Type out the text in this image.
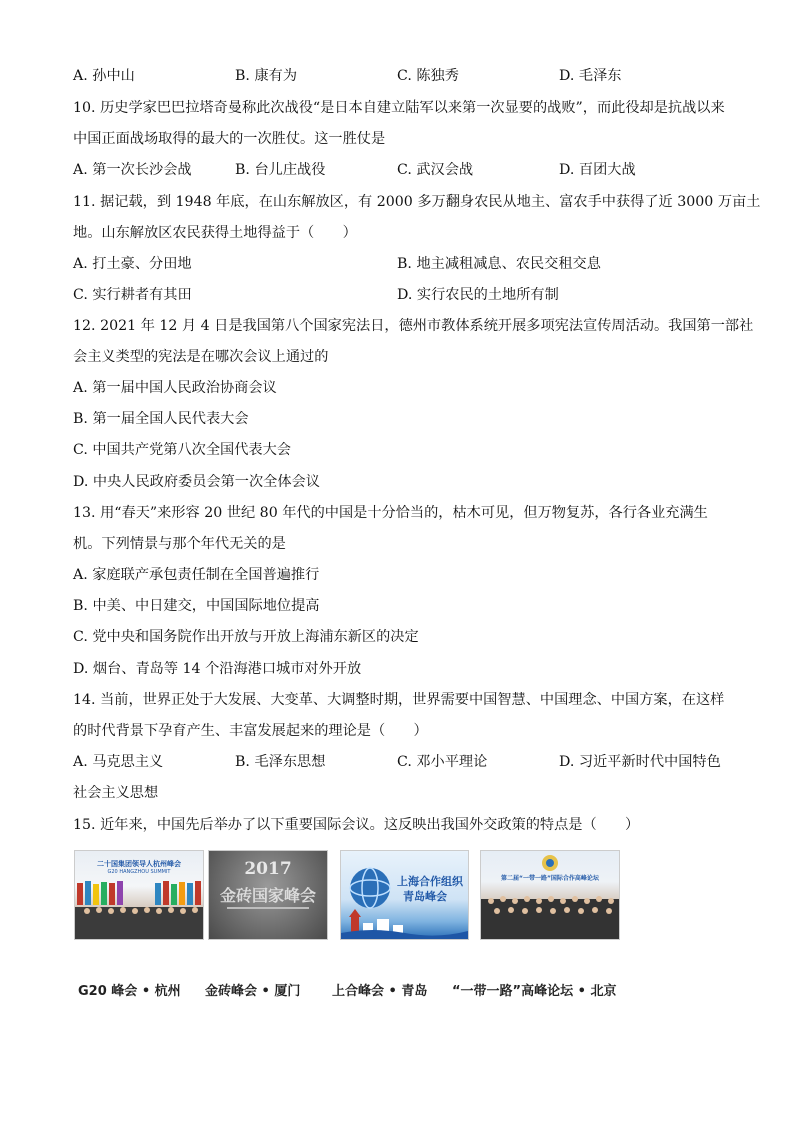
A. 孙中山	B. 康有为	C. 陈独秀	D. 毛泽东
10. 历史学家巴巴拉塔奇曼称此次战役“是日本自建立陆军以来第一次显要的战败”，而此役却是抗战以来
中国正面战场取得的最大的一次胜仗。这一胜仗是
A. 第一次长沙会战	B. 台儿庄战役	C. 武汉会战	D. 百团大战
11. 据记载，到 1948 年底，在山东解放区，有 2000 多万翻身农民从地主、富农手中获得了近 3000 万亩土
地。山东解放区农民获得土地得益于（　　）
A. 打土豪、分田地	B. 地主减租减息、农民交租交息
C. 实行耕者有其田	D. 实行农民的土地所有制
12. 2021 年 12 月 4 日是我国第八个国家宪法日，德州市教体系统开展多项宪法宣传周活动。我国第一部社
会主义类型的宪法是在哪次会议上通过的
A. 第一届中国人民政治协商会议
B. 第一届全国人民代表大会
C. 中国共产党第八次全国代表大会
D. 中央人民政府委员会第一次全体会议
13. 用“春天”来形容 20 世纪 80 年代的中国是十分恰当的，枯木可见，但万物复苏，各行各业充满生
机。下列情景与那个年代无关的是
A. 家庭联产承包责任制在全国普遍推行
B. 中美、中日建交，中国国际地位提高
C. 党中央和国务院作出开放与开放上海浦东新区的决定
D. 烟台、青岛等 14 个沿海港口城市对外开放
14. 当前，世界正处于大发展、大变革、大调整时期，世界需要中国智慧、中国理念、中国方案，在这样
的时代背景下孕育产生、丰富发展起来的理论是（　　）
A. 马克思主义	B. 毛泽东思想	C. 邓小平理论	D. 习近平新时代中国特色
社会主义思想
15. 近年来，中国先后举办了以下重要国际会议。这反映出我国外交政策的特点是（　　）
二十国集团领导人杭州峰会
G20 HANGZHOU SUMMIT	2017
金砖国家峰会
上海合作组织
青岛峰会
第二届“一带一路”国际合作高峰论坛
G20 峰会 • 杭州 金砖峰会 • 厦门 上合峰会 • 青岛 “一带一路”高峰论坛 • 北京
